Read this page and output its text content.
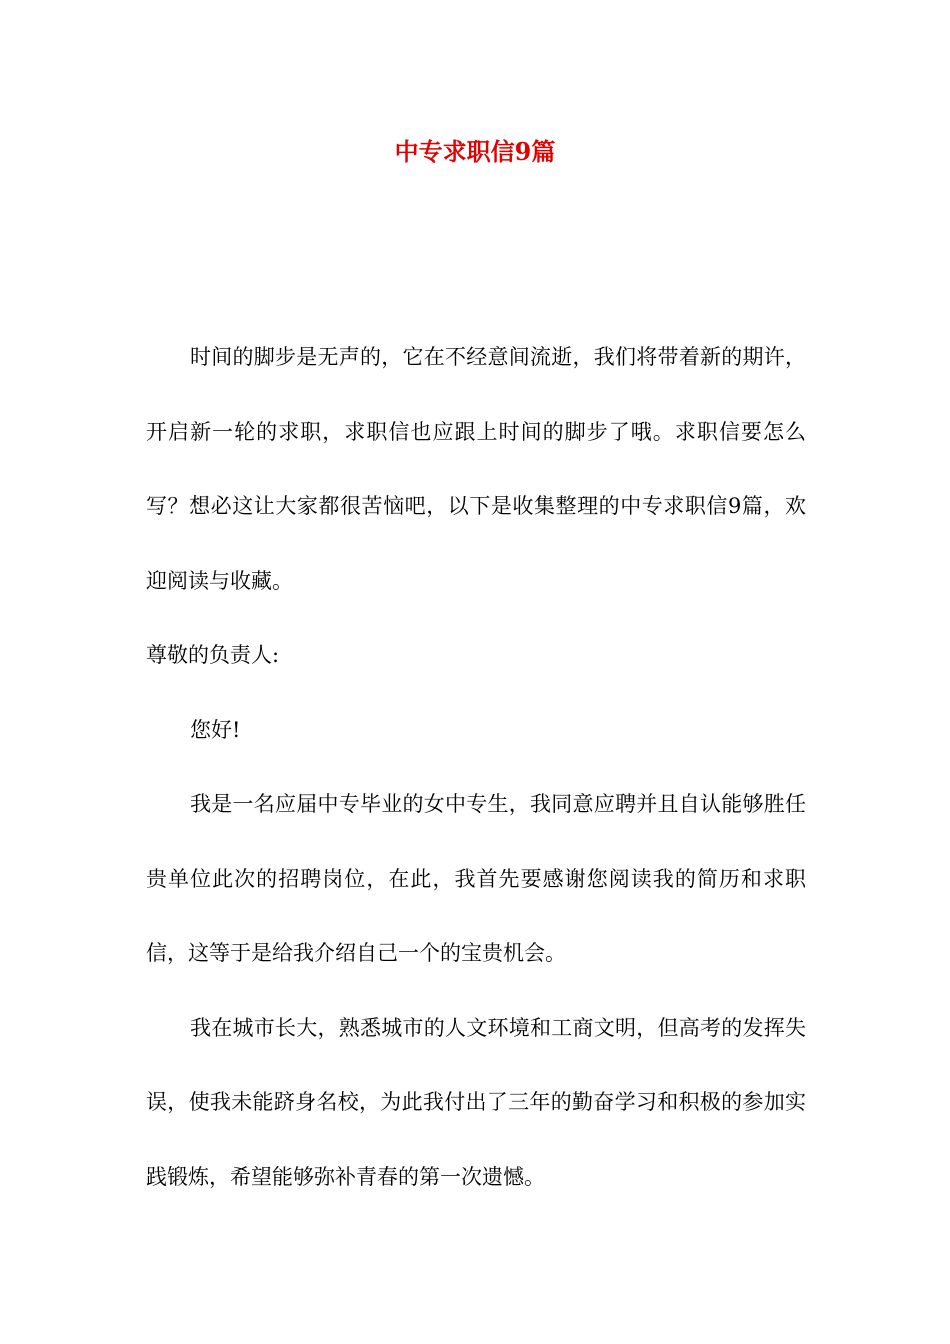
中专求职信9篇

时间的脚步是无声的，它在不经意间流逝，我们将带着新的期许，开启新一轮的求职，求职信也应跟上时间的脚步了哦。求职信要怎么写？想必这让大家都很苦恼吧，以下是收集整理的中专求职信9篇，欢迎阅读与收藏。

尊敬的负责人:

您好!

我是一名应届中专毕业的女中专生，我同意应聘并且自认能够胜任贵单位此次的招聘岗位，在此，我首先要感谢您阅读我的简历和求职信，这等于是给我介绍自己一个的宝贵机会。

我在城市长大，熟悉城市的人文环境和工商文明，但高考的发挥失误，使我未能跻身名校，为此我付出了三年的勤奋学习和积极的参加实践锻炼，希望能够弥补青春的第一次遗憾。
